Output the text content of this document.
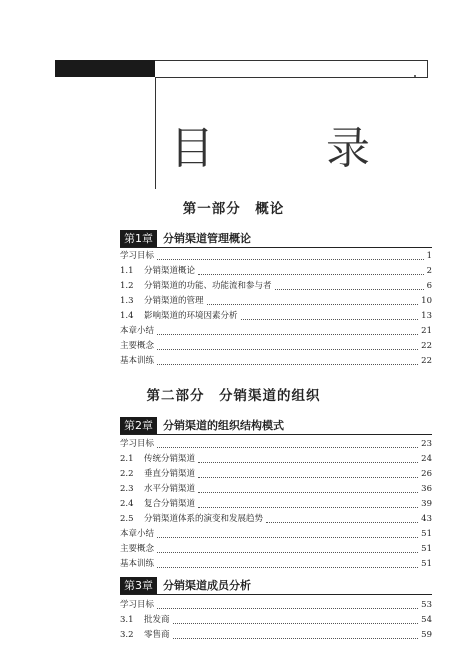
目　录
第一部分　概论
第1章 分销渠道管理概论
学习目标	1
1.1	分销渠道概论	2
1.2	分销渠道的功能、功能流和参与者	6
1.3	分销渠道的管理	10
1.4	影响渠道的环境因素分析	13
本章小结	21
主要概念	22
基本训练	22
第二部分　分销渠道的组织
第2章 分销渠道的组织结构模式
学习目标	23
2.1	传统分销渠道	24
2.2	垂直分销渠道	26
2.3	水平分销渠道	36
2.4	复合分销渠道	39
2.5	分销渠道体系的演变和发展趋势	43
本章小结	51
主要概念	51
基本训练	51
第3章 分销渠道成员分析
学习目标	53
3.1	批发商	54
3.2	零售商	59
